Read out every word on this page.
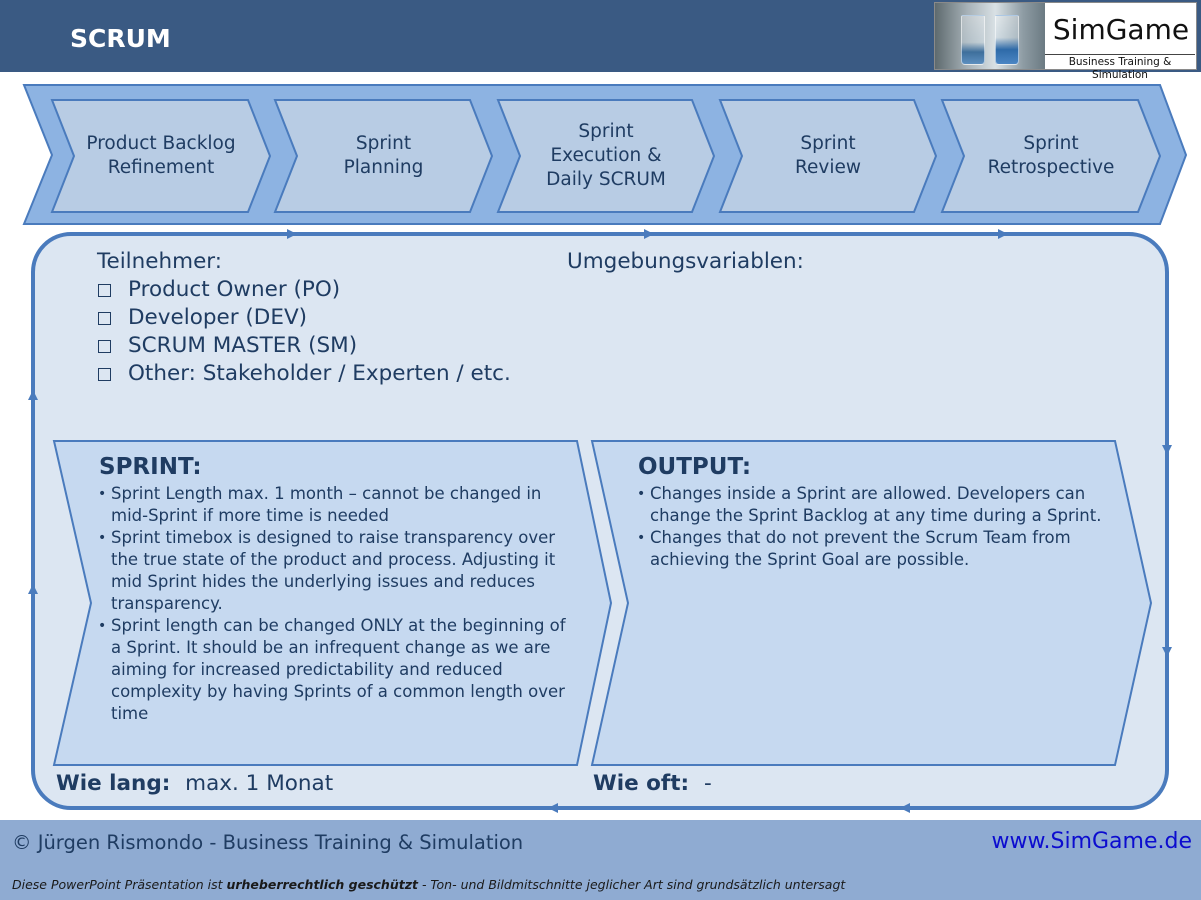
SCRUM	SimGame
Business Training & Simulation
Product Backlog
Refinement
Sprint
Planning
Sprint
Execution &
Daily SCRUM
Sprint
Review
Sprint
Retrospective
Teilnehmer:
Product Owner (PO)
Developer (DEV)
SCRUM MASTER (SM)
Other: Stakeholder / Experten / etc.
Umgebungsvariablen:
SPRINT:
• Sprint Length max. 1 month – cannot be changed in mid-Sprint if more time is needed
• Sprint timebox is designed to raise transparency over the true state of the product and process. Adjusting it mid Sprint hides the underlying issues and reduces transparency.
• Sprint length can be changed ONLY at the beginning of a Sprint. It should be an infrequent change as we are aiming for increased predictability and reduced complexity by having Sprints of a common length over time
OUTPUT:
• Changes inside a Sprint are allowed. Developers can change the Sprint Backlog at any time during a Sprint.
• Changes that do not prevent the Scrum Team from achieving the Sprint Goal are possible.
Wie lang: max. 1 Monat	Wie oft: -
© Jürgen Rismondo - Business Training & Simulation	www.SimGame.de
Diese PowerPoint Präsentation ist urheberrechtlich geschützt - Ton- und Bildmitschnitte jeglicher Art sind grundsätzlich untersagt
